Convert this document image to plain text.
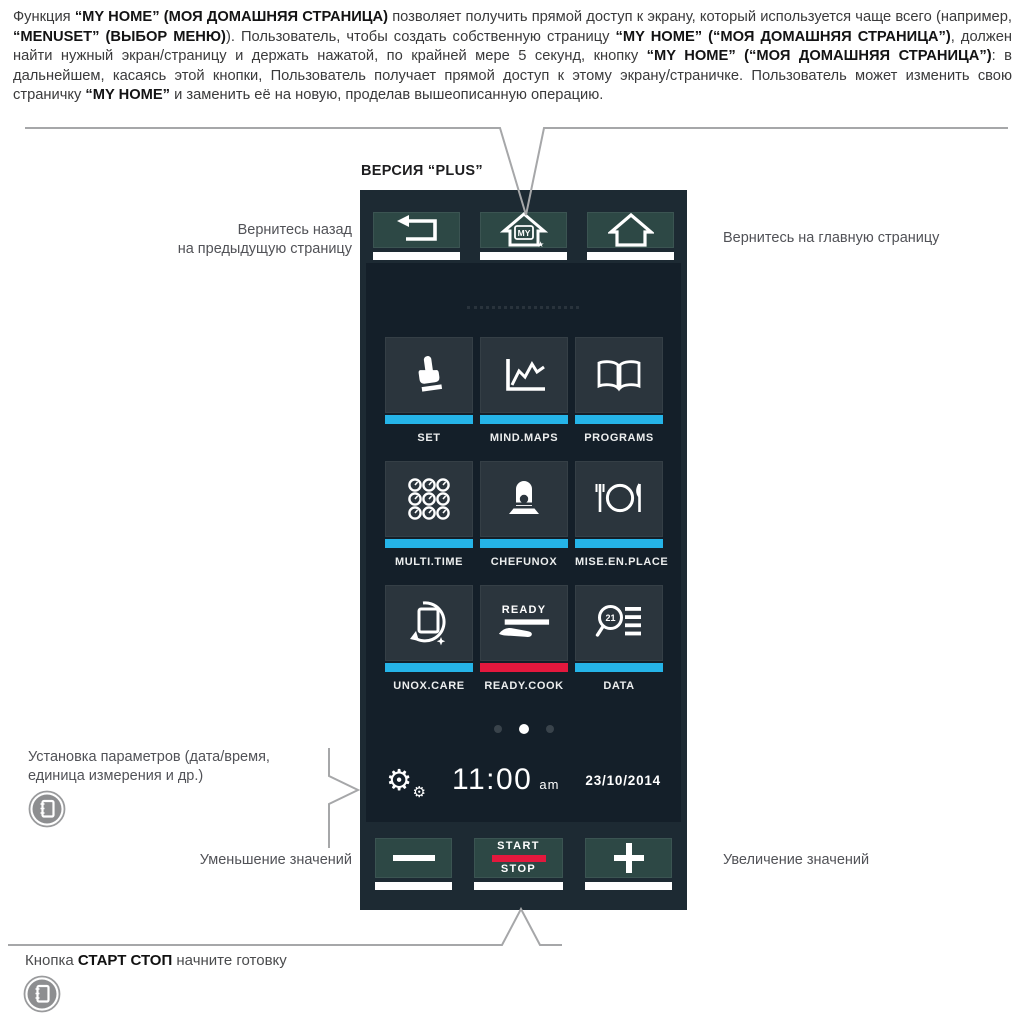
Функция “MY HOME” (МОЯ ДОМАШНЯЯ СТРАНИЦА) позволяет получить прямой доступ к экрану, который используется чаще всего (например, “MENUSET” (ВЫБОР МЕНЮ)). Пользователь, чтобы создать собственную страницу “MY HOME” (“МОЯ ДОМАШНЯЯ СТРАНИЦА”), должен найти нужный экран/страницу и держать нажатой, по крайней мере 5 секунд, кнопку “MY HOME” (“МОЯ ДОМАШНЯЯ СТРАНИЦА”): в дальнейшем, касаясь этой кнопки, Пользователь получает прямой доступ к этому экрану/страничке. Пользователь может изменить свою страничку “MY HOME” и заменить её на новую, проделав вышеописанную операцию.

ВЕРСИЯ “PLUS”
MY
★
SET	MIND.MAPS	PROGRAMS
MULTI.TIME	CHEFUNOX	MISE.EN.PLACE
UNOX.CARE
READY
READY.COOK
21
DATA
⚙ ⚙ 11:00 am 23/10/2014
START
STOP
Вернитесь назад
на предыдущую страницу
Вернитесь на главную страницу
Установка параметров (дата/время,
единица измерения и др.)
Уменьшение значений	Увеличение значений
Кнопка СТАРТ СТОП начните готовку
